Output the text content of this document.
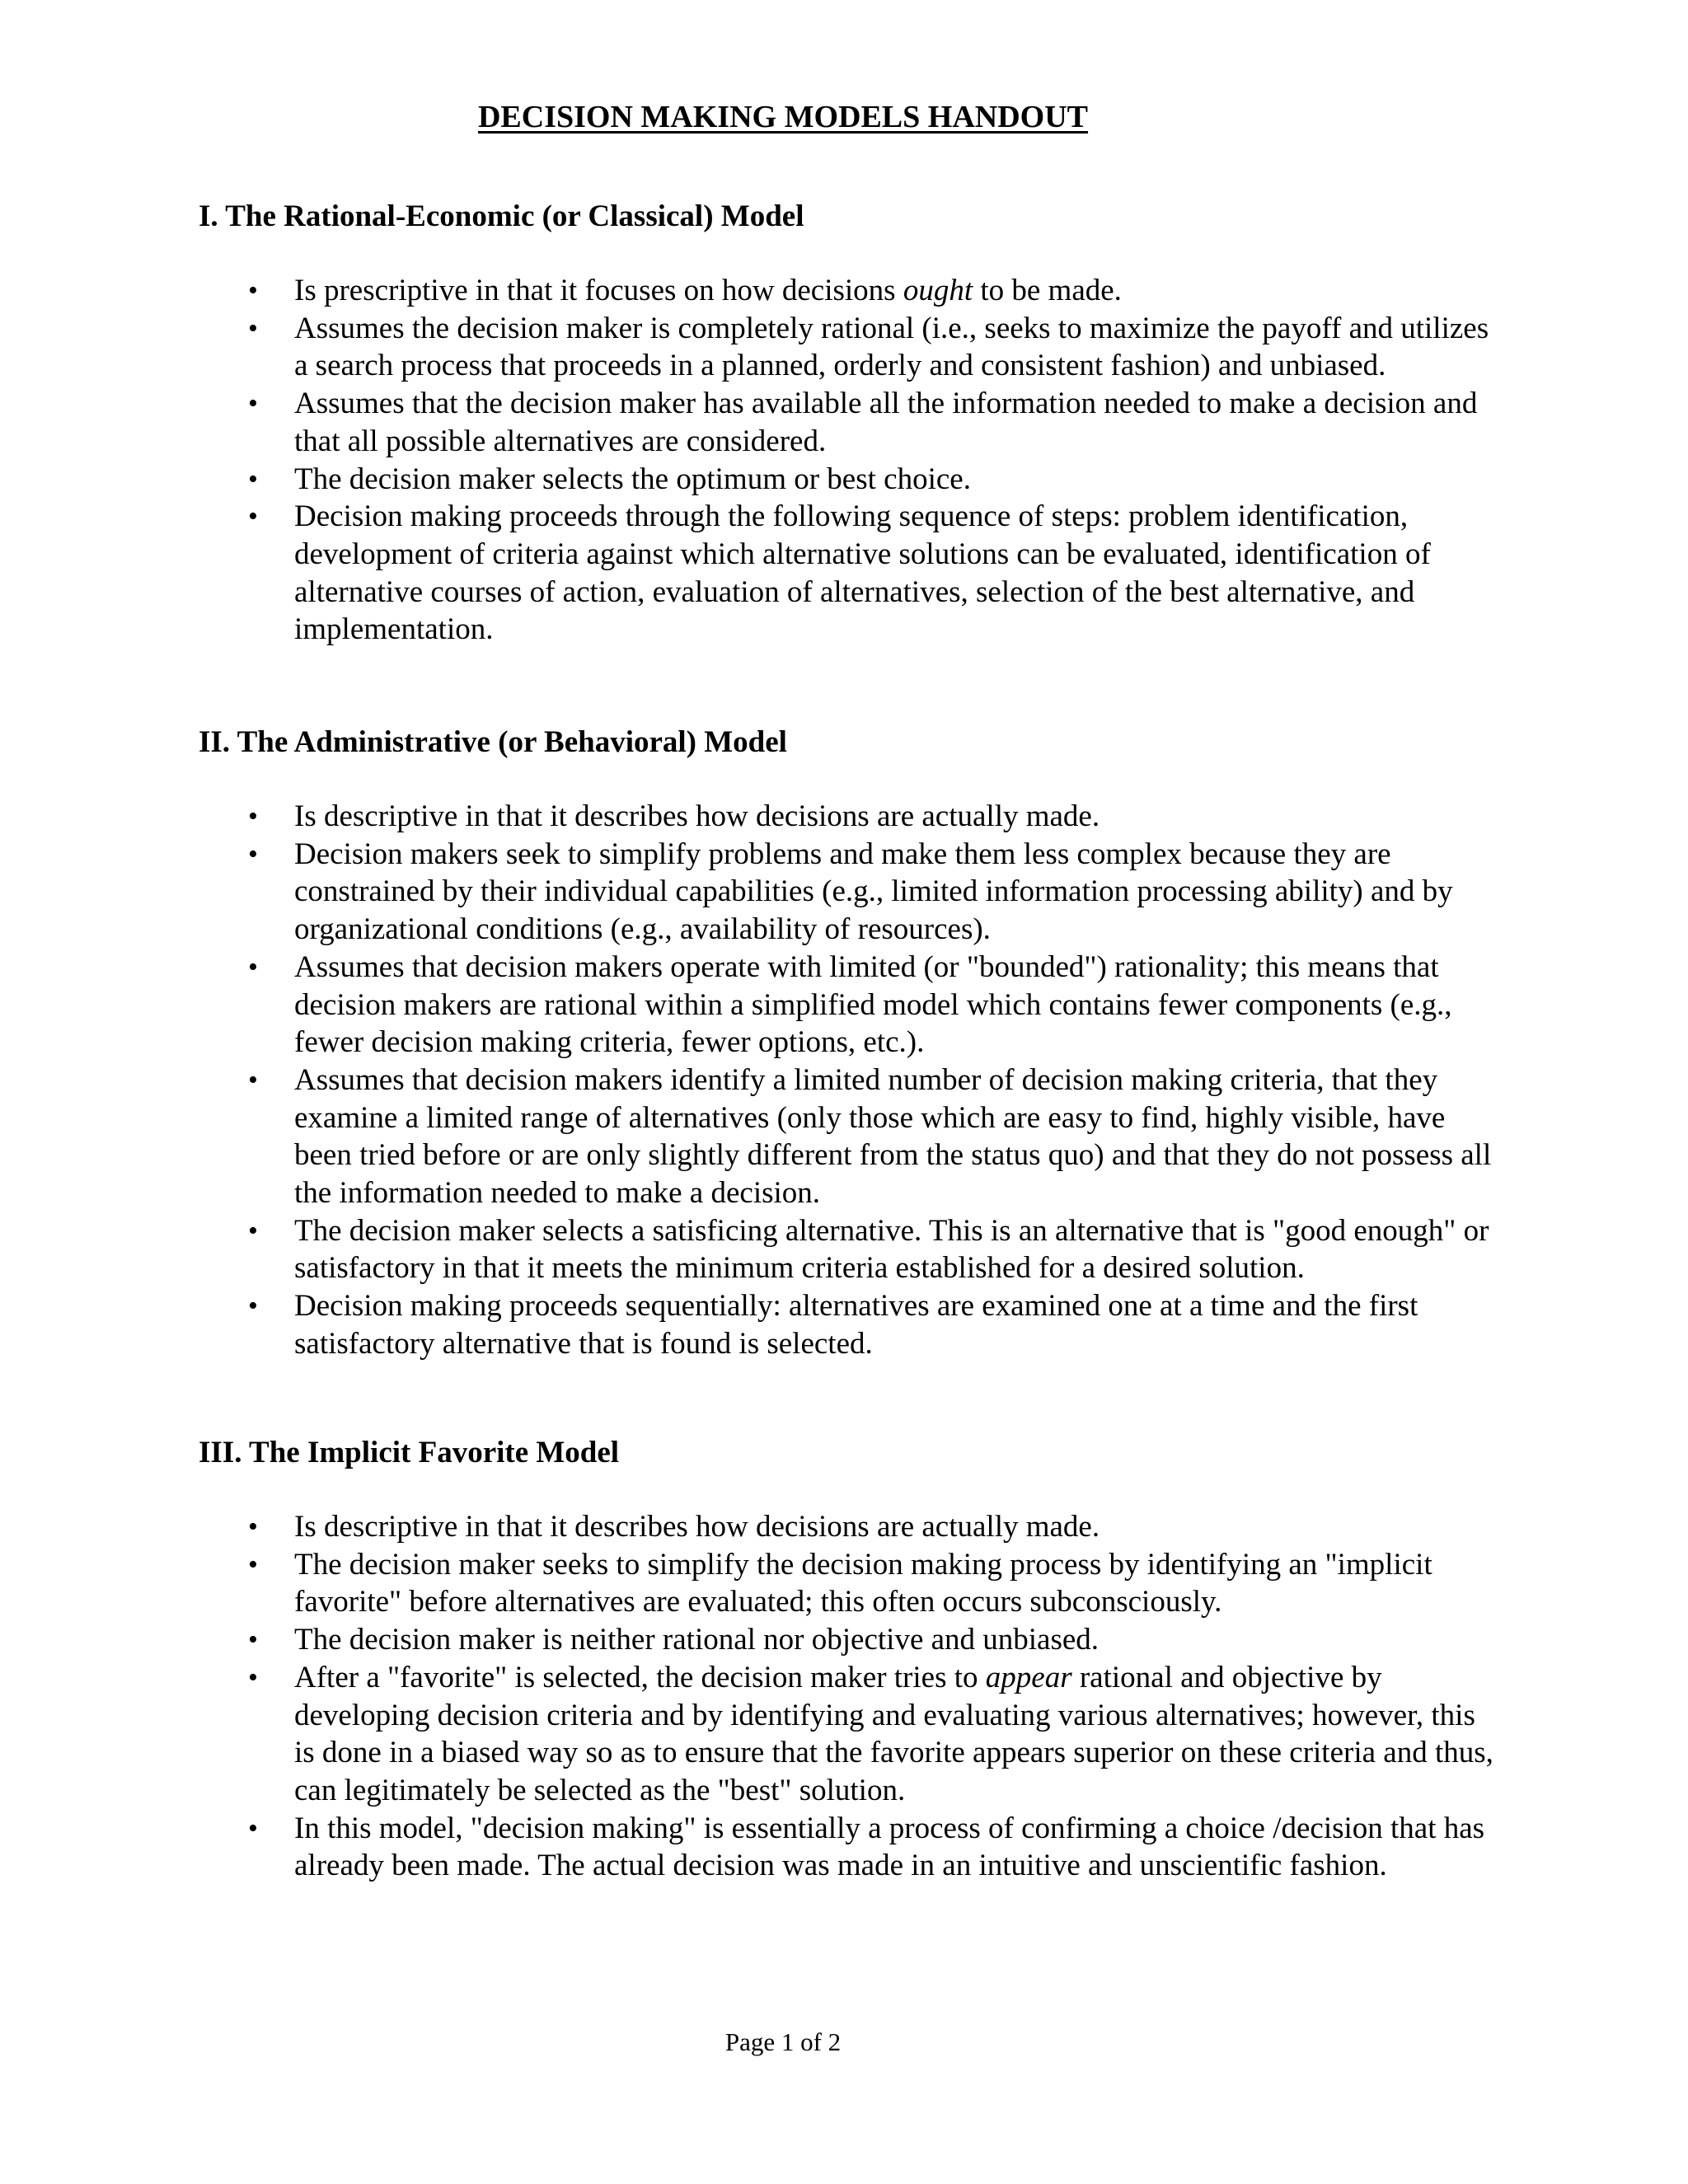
DECISION MAKING MODELS HANDOUT
I. The Rational-Economic (or Classical) Model
• Is prescriptive in that it focuses on how decisions ought to be made.
• Assumes the decision maker is completely rational (i.e., seeks to maximize the payoff and utilizes a search process that proceeds in a planned, orderly and consistent fashion) and unbiased.
• Assumes that the decision maker has available all the information needed to make a decision and that all possible alternatives are considered.
• The decision maker selects the optimum or best choice.
• Decision making proceeds through the following sequence of steps: problem identification, development of criteria against which alternative solutions can be evaluated, identification of alternative courses of action, evaluation of alternatives, selection of the best alternative, and implementation.
II. The Administrative (or Behavioral) Model
• Is descriptive in that it describes how decisions are actually made.
• Decision makers seek to simplify problems and make them less complex because they are constrained by their individual capabilities (e.g., limited information processing ability) and by organizational conditions (e.g., availability of resources).
• Assumes that decision makers operate with limited (or "bounded") rationality; this means that decision makers are rational within a simplified model which contains fewer components (e.g., fewer decision making criteria, fewer options, etc.).
• Assumes that decision makers identify a limited number of decision making criteria, that they examine a limited range of alternatives (only those which are easy to find, highly visible, have been tried before or are only slightly different from the status quo) and that they do not possess all the information needed to make a decision.
• The decision maker selects a satisficing alternative. This is an alternative that is "good enough" or satisfactory in that it meets the minimum criteria established for a desired solution.
• Decision making proceeds sequentially: alternatives are examined one at a time and the first satisfactory alternative that is found is selected.
III. The Implicit Favorite Model
• Is descriptive in that it describes how decisions are actually made.
• The decision maker seeks to simplify the decision making process by identifying an "implicit favorite" before alternatives are evaluated; this often occurs subconsciously.
• The decision maker is neither rational nor objective and unbiased.
• After a "favorite" is selected, the decision maker tries to appear rational and objective by developing decision criteria and by identifying and evaluating various alternatives; however, this is done in a biased way so as to ensure that the favorite appears superior on these criteria and thus, can legitimately be selected as the "best" solution.
• In this model, "decision making" is essentially a process of confirming a choice /decision that has already been made. The actual decision was made in an intuitive and unscientific fashion.
Page 1 of 2
